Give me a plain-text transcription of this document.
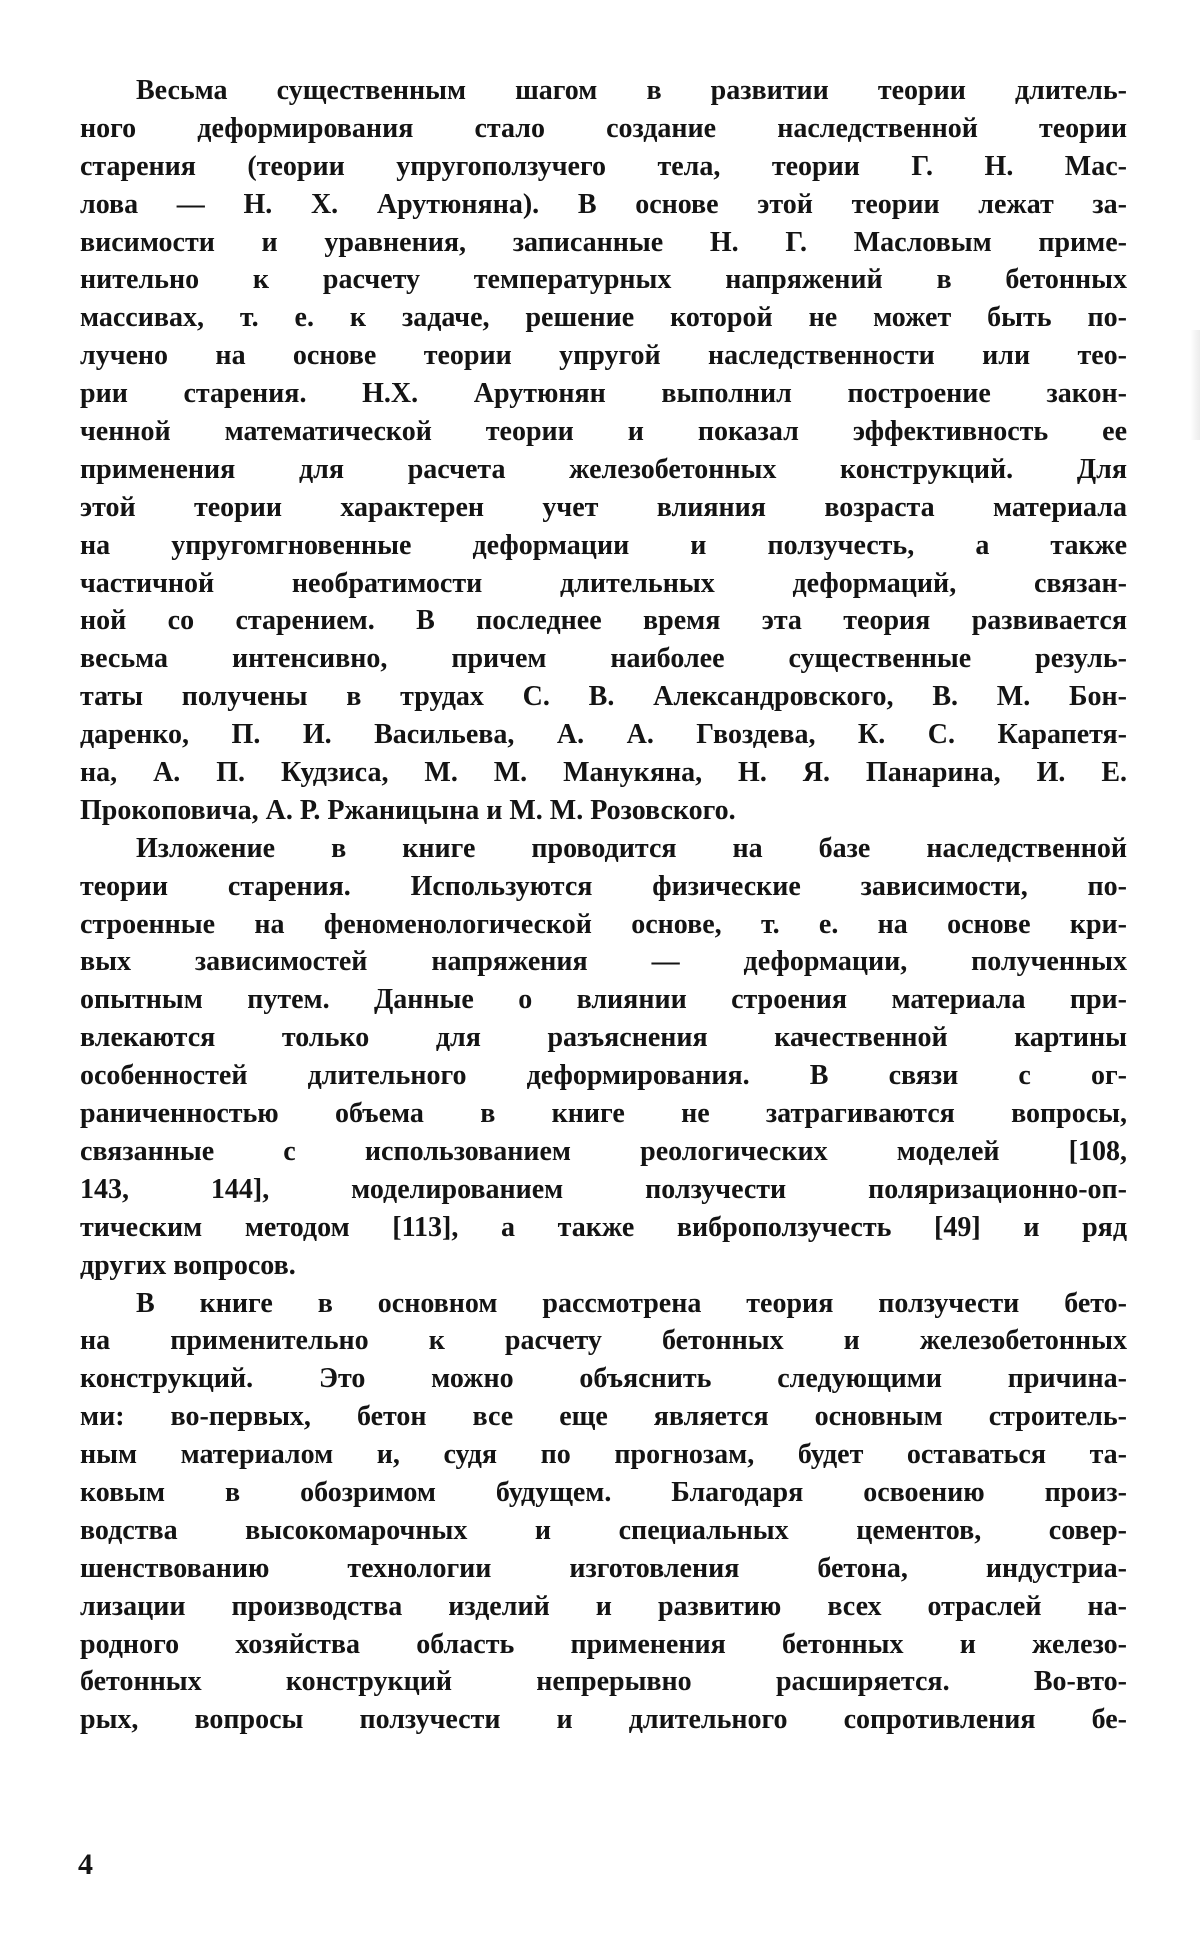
Весьма существенным шагом в развитии теории длитель-
ного деформирования стало создание наследственной теории
старения (теории упругоползучего тела, теории Г. Н. Мас-
лова — Н. Х. Арутюняна). В основе этой теории лежат за-
висимости и уравнения, записанные Н. Г. Масловым приме-
нительно к расчету температурных напряжений в бетонных
массивах, т. е. к задаче, решение которой не может быть по-
лучено на основе теории упругой наследственности или тео-
рии старения. Н.Х. Арутюнян выполнил построение закон-
ченной математической теории и показал эффективность ее
применения для расчета железобетонных конструкций. Для
этой теории характерен учет влияния возраста материала
на упругомгновенные деформации и ползучесть, а также
частичной необратимости длительных деформаций, связан-
ной со старением. В последнее время эта теория развивается
весьма интенсивно, причем наиболее существенные резуль-
таты получены в трудах С. В. Александровского, В. М. Бон-
даренко, П. И. Васильева, А. А. Гвоздева, К. С. Карапетя-
на, А. П. Кудзиса, М. М. Манукяна, Н. Я. Панарина, И. Е.
Прокоповича, А. Р. Ржаницына и М. М. Розовского.
Изложение в книге проводится на базе наследственной
теории старения. Используются физические зависимости, по-
строенные на феноменологической основе, т. е. на основе кри-
вых зависимостей напряжения — деформации, полученных
опытным путем. Данные о влиянии строения материала при-
влекаются только для разъяснения качественной картины
особенностей длительного деформирования. В связи с ог-
раниченностью объема в книге не затрагиваются вопросы,
связанные с использованием реологических моделей [108,
143, 144], моделированием ползучести поляризационно-оп-
тическим методом [113], а также виброползучесть [49] и ряд
других вопросов.
В книге в основном рассмотрена теория ползучести бето-
на применительно к расчету бетонных и железобетонных
конструкций. Это можно объяснить следующими причина-
ми: во-первых, бетон все еще является основным строитель-
ным материалом и, судя по прогнозам, будет оставаться та-
ковым в обозримом будущем. Благодаря освоению произ-
водства высокомарочных и специальных цементов, совер-
шенствованию технологии изготовления бетона, индустриа-
лизации производства изделий и развитию всех отраслей на-
родного хозяйства область применения бетонных и железо-
бетонных конструкций непрерывно расширяется. Во-вто-
рых, вопросы ползучести и длительного сопротивления бе-
4
